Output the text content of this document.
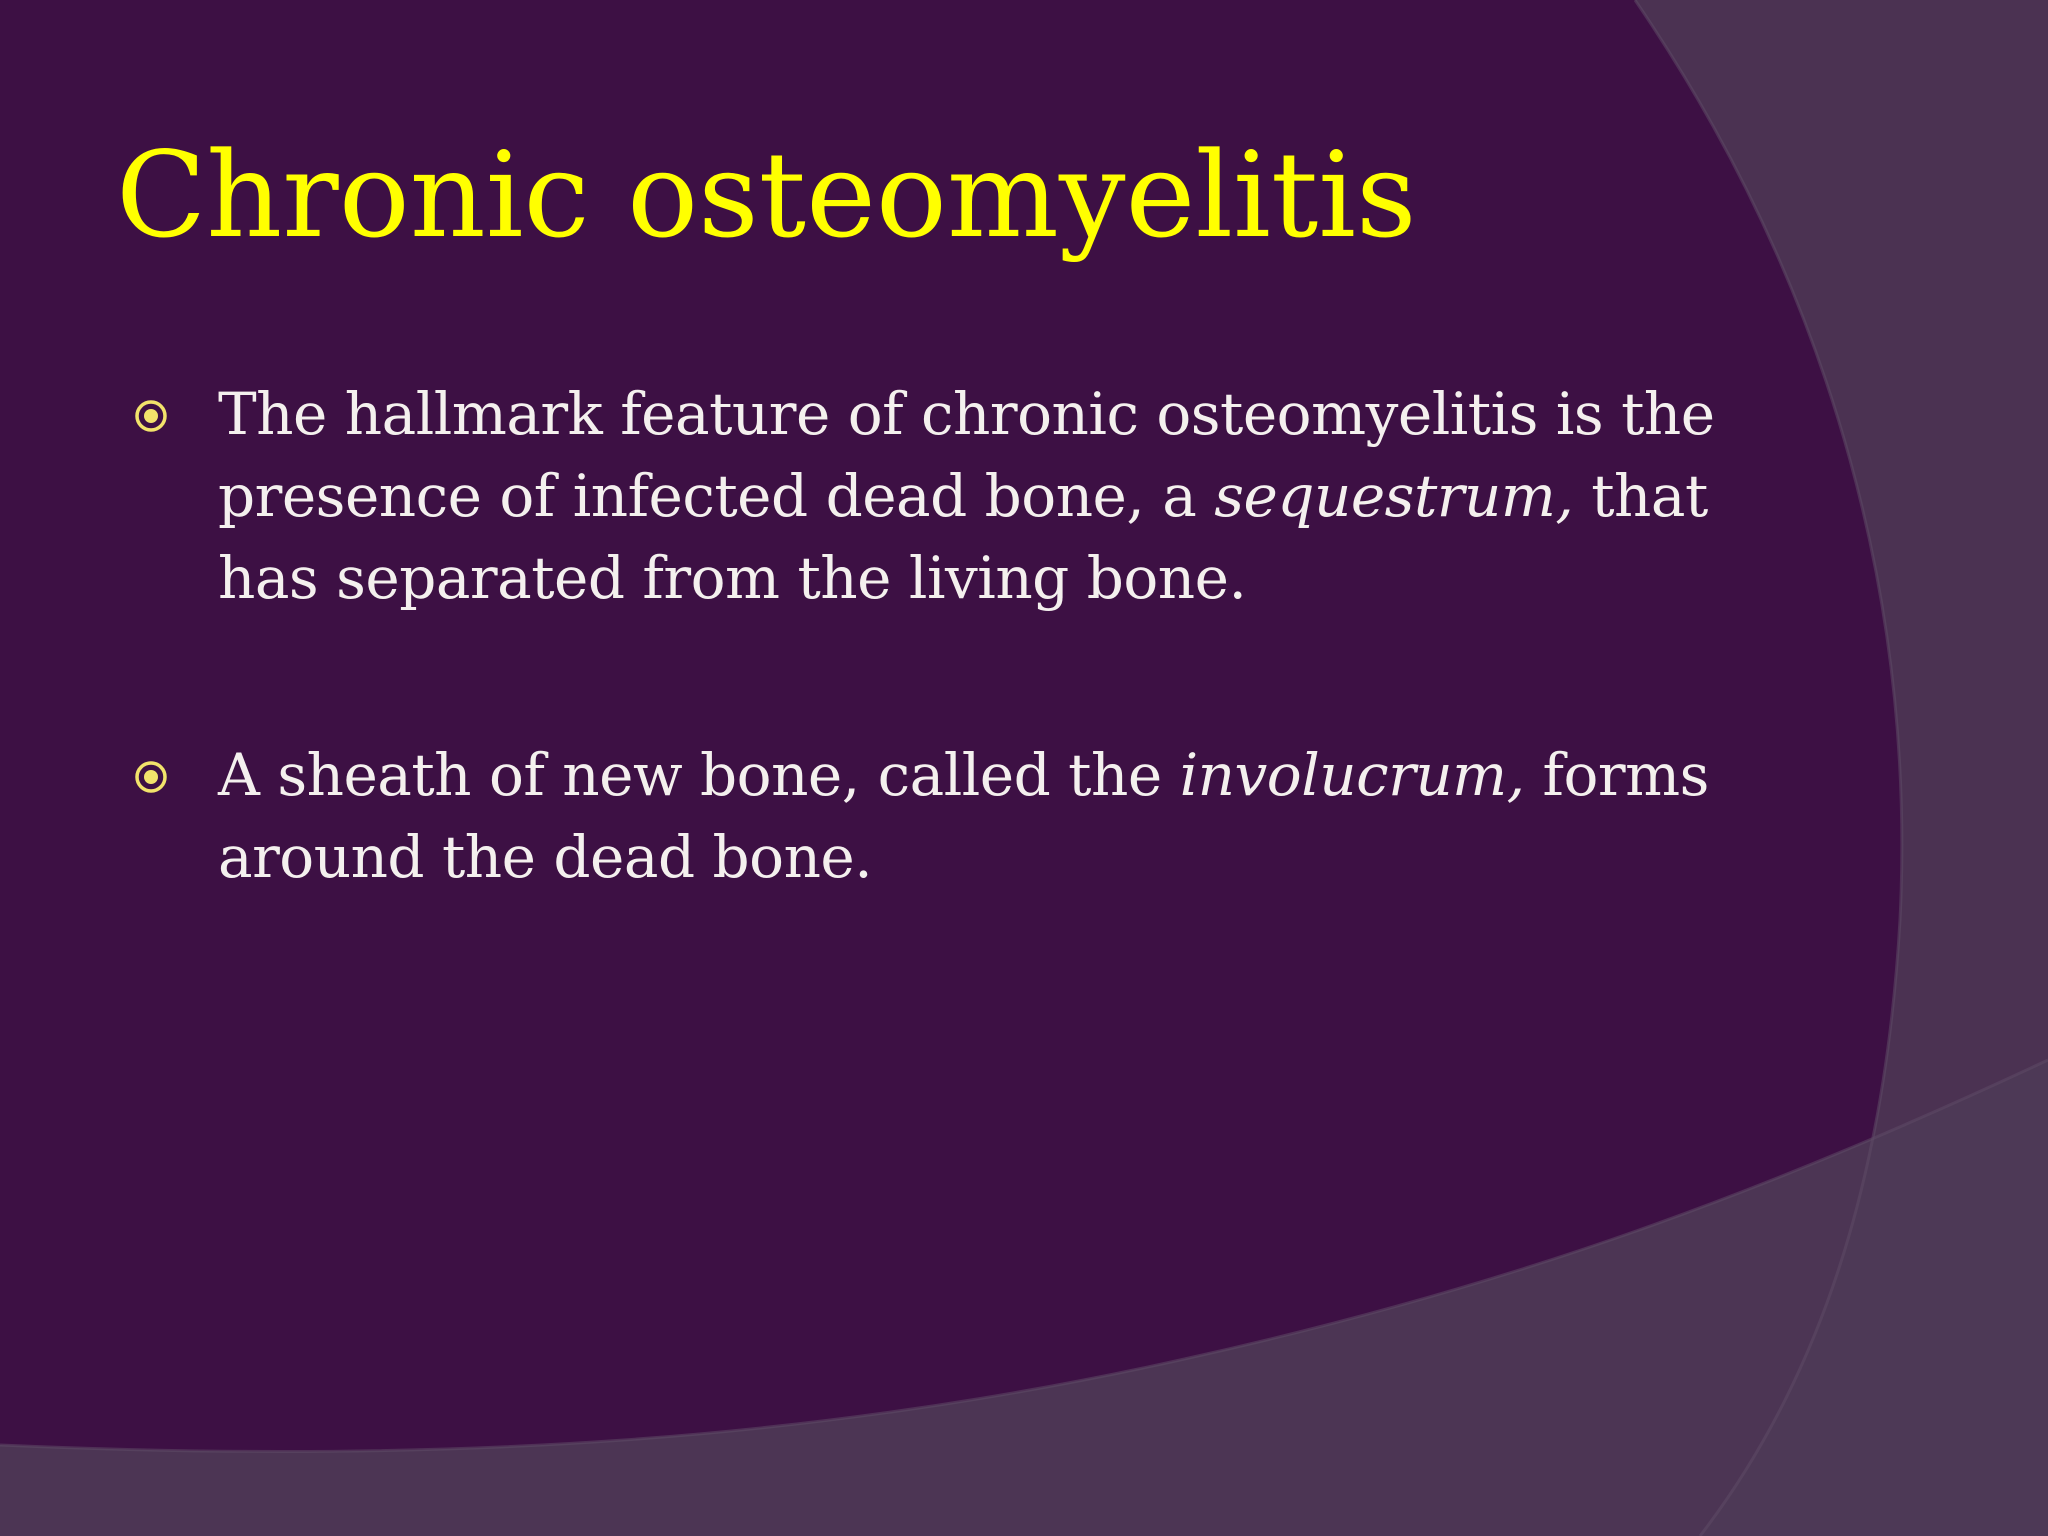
Chronic osteomyelitis
The hallmark feature of chronic osteomyelitis is the presence of infected dead bone, a sequestrum, that has separated from the living bone.
A sheath of new bone, called the involucrum, forms around the dead bone.
